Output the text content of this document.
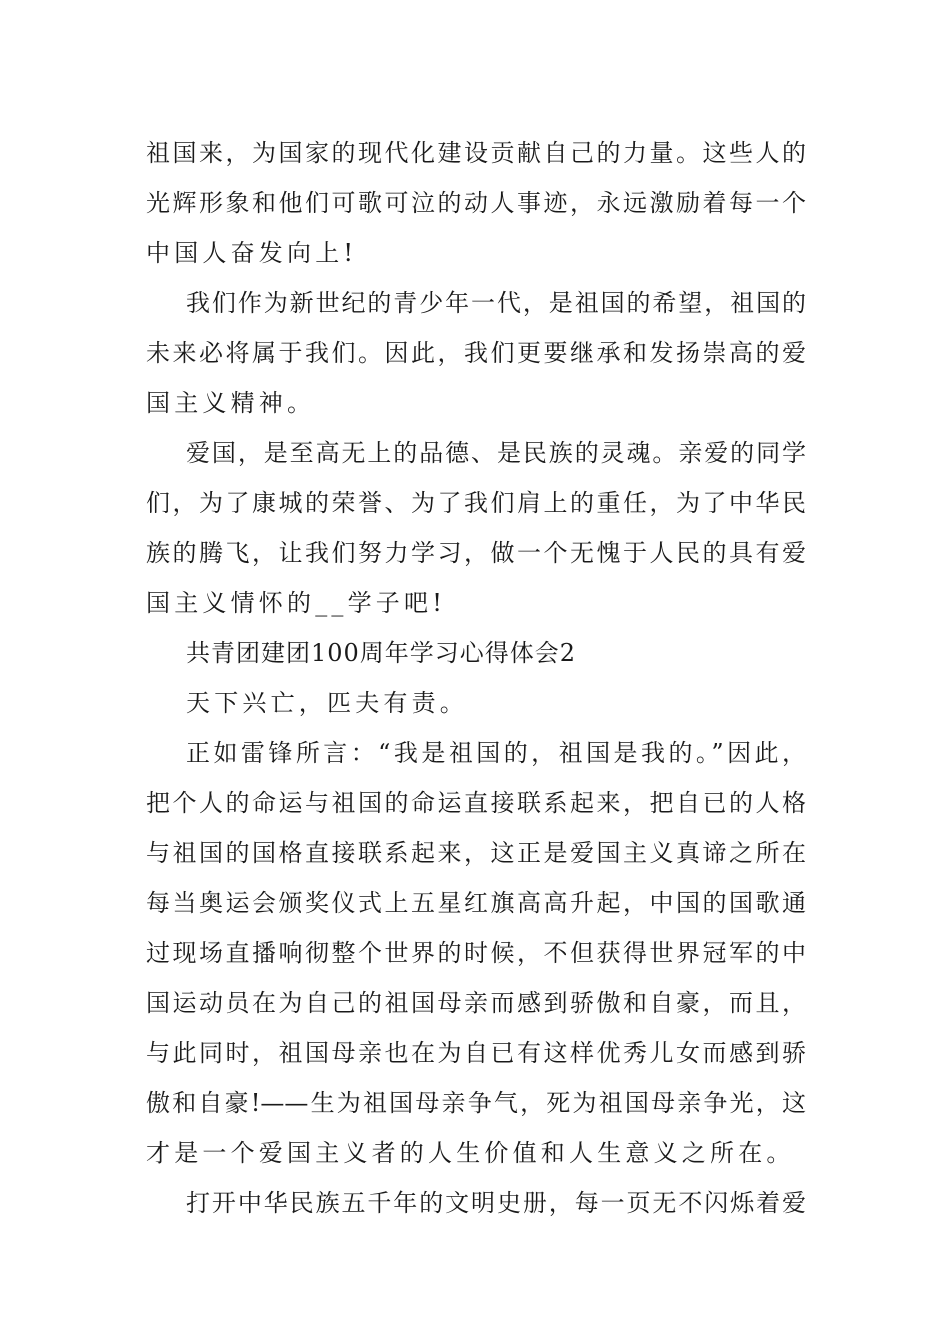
祖国来，为国家的现代化建设贡献自己的力量。这些人的
光辉形象和他们可歌可泣的动人事迹，永远激励着每一个
中国人奋发向上!
我们作为新世纪的青少年一代，是祖国的希望，祖国的
未来必将属于我们。因此，我们更要继承和发扬崇高的爱
国主义精神。
爱国，是至高无上的品德、是民族的灵魂。亲爱的同学
们，为了康城的荣誉、为了我们肩上的重任，为了中华民
族的腾飞，让我们努力学习，做一个无愧于人民的具有爱
国主义情怀的__学子吧!
共青团建团100周年学习心得体会2
天下兴亡，匹夫有责。
正如雷锋所言：“我是祖国的，祖国是我的。”因此，
把个人的命运与祖国的命运直接联系起来，把自已的人格
与祖国的国格直接联系起来，这正是爱国主义真谛之所在
每当奥运会颁奖仪式上五星红旗高高升起，中国的国歌通
过现场直播响彻整个世界的时候，不但获得世界冠军的中
国运动员在为自己的祖国母亲而感到骄傲和自豪，而且，
与此同时，祖国母亲也在为自已有这样优秀儿女而感到骄
傲和自豪!——生为祖国母亲争气，死为祖国母亲争光，这
才是一个爱国主义者的人生价值和人生意义之所在。
打开中华民族五千年的文明史册，每一页无不闪烁着爱
